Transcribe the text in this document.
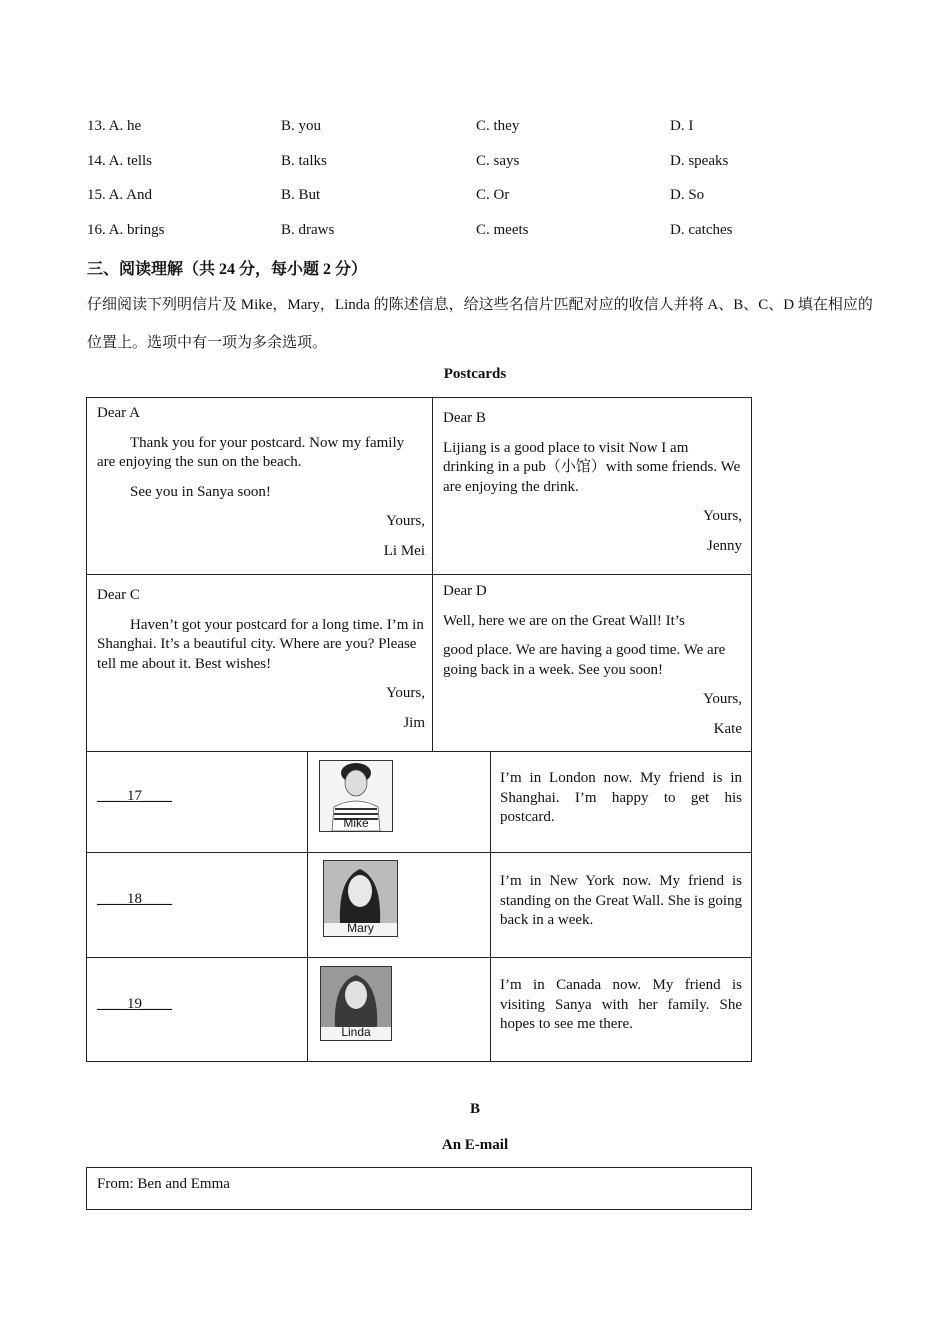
13. A. he	B. you	C. they	D. I
14. A. tells	B. talks	C. says	D. speaks
15. A. And	B. But	C. Or	D. So
16. A. brings	B. draws	C. meets	D. catches
三、阅读理解（共 24 分，每小题 2 分）
仔细阅读下列明信片及 Mike，Mary，Linda 的陈述信息，给这些名信片匹配对应的收信人并将 A、B、C、D 填在相应的位置上。选项中有一项为多余选项。
Postcards
Dear A
Thank you for your postcard. Now my family are enjoying the sun on the beach.
See you in Sanya soon!
Yours,
Li Mei
Dear B
Lijiang is a good place to visit Now I am drinking in a pub（小馆）with some friends. We are enjoying the drink.
Yours,
Jenny
Dear C
Haven’t got your postcard for a long time. I’m in Shanghai. It’s a beautiful city. Where are you? Please tell me about it. Best wishes!
Yours,
Jim
Dear D
Well, here we are on the Great Wall! It’s
good place. We are having a good time. We are going back in a week. See you soon!
Yours,
Kate
____17____
Mike
I’m in London now. My friend is in Shanghai. I’m happy to get his postcard.
____18____
Mary
I’m in New York now. My friend is standing on the Great Wall. She is going back in a week.
____19____
Linda
I’m in Canada now. My friend is visiting Sanya with her family. She hopes to see me there.
B
An E-mail
From: Ben and Emma
